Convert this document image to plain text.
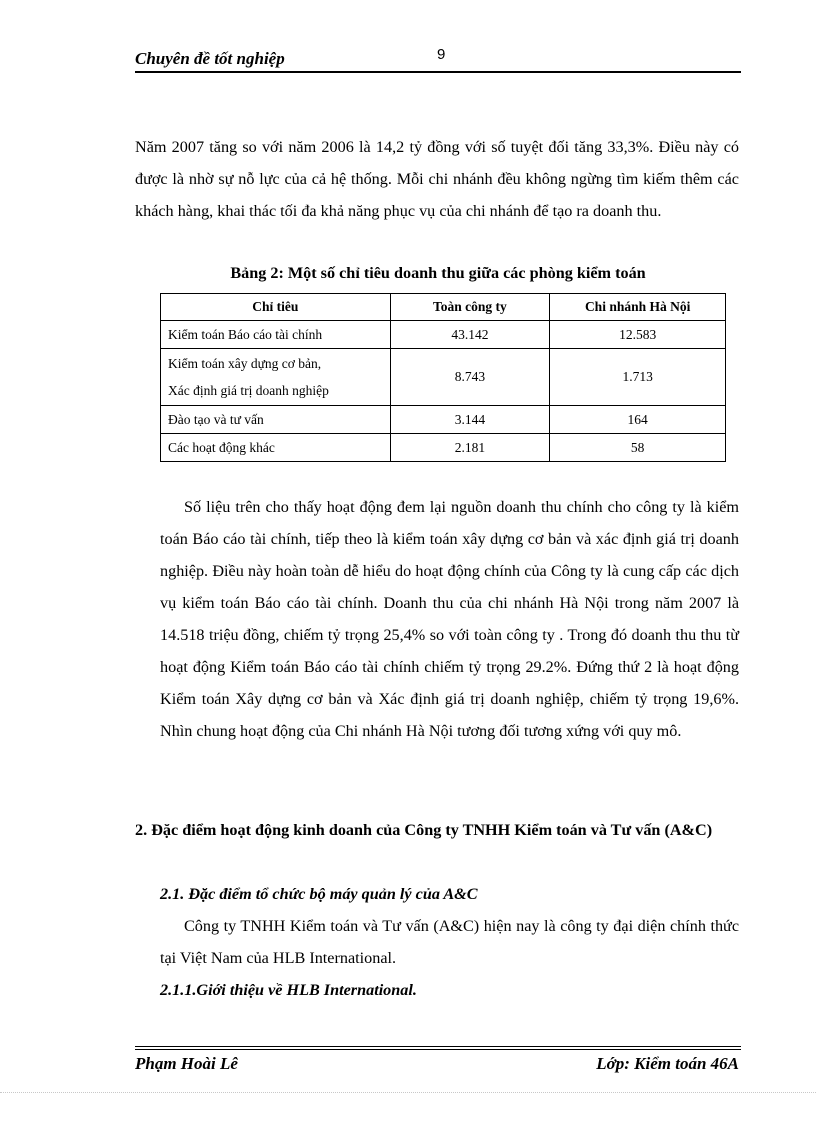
Chuyên đề tốt nghiệp	9

Năm 2007 tăng so với năm 2006 là 14,2 tỷ đồng với số tuyệt đối tăng 33,3%. Điều này có được là nhờ sự nỗ lực của cả hệ thống. Mỗi chi nhánh đều không ngừng tìm kiếm thêm các khách hàng, khai thác tối đa khả năng phục vụ của chi nhánh để tạo ra doanh thu.

Bảng 2: Một số chỉ tiêu doanh thu giữa các phòng kiểm toán
Chỉ tiêu	Toàn công ty	Chi nhánh Hà Nội
Kiểm toán Báo cáo tài chính	43.142	12.583

Kiểm toán xây dựng cơ bản,
Xác định giá trị doanh nghiệp	8.743	1.713
Đào tạo và tư vấn	3.144	164
Các hoạt động khác	2.181	58

Số liệu trên cho thấy hoạt động đem lại nguồn doanh thu chính cho công ty là kiểm toán Báo cáo tài chính, tiếp theo là kiểm toán xây dựng cơ bản và xác định giá trị doanh nghiệp. Điều này hoàn toàn dễ hiểu do hoạt động chính của Công ty là cung cấp các dịch vụ kiểm toán Báo cáo tài chính. Doanh thu của chi nhánh Hà Nội trong năm 2007 là 14.518 triệu đồng, chiếm tỷ trọng 25,4% so với toàn công ty . Trong đó doanh thu thu từ hoạt động Kiểm toán Báo cáo tài chính chiếm tỷ trọng 29.2%. Đứng thứ 2 là hoạt động Kiểm toán Xây dựng cơ bản và Xác định giá trị doanh nghiệp, chiếm tỷ trọng 19,6%. Nhìn chung hoạt động của Chi nhánh Hà Nội tương đối tương xứng với quy mô.

2. Đặc điểm hoạt động kinh doanh của Công ty TNHH Kiểm toán và Tư vấn (A&C)
2.1. Đặc điểm tổ chức bộ máy quản lý của A&C

Công ty TNHH Kiểm toán và Tư vấn (A&C) hiện nay là công ty đại diện chính thức tại Việt Nam của HLB International.

2.1.1.Giới thiệu về HLB International.
Phạm Hoài Lê	Lớp: Kiểm toán 46A
